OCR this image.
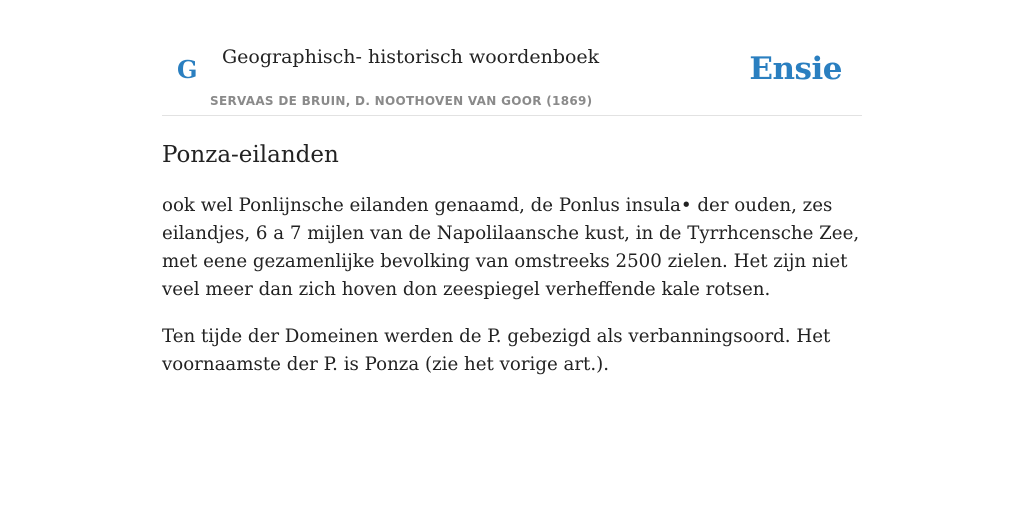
G Geographisch- historisch woordenboek
SERVAAS DE BRUIN, D. NOOTHOVEN VAN GOOR (1869)
Ensie
Ponza-eilanden

ook wel Ponlijnsche eilanden genaamd, de Ponlus insula• der ouden, zes eilandjes, 6 a 7 mijlen van de Napolilaansche kust, in de Tyrrhcensche Zee, met eene gezamenlijke bevolking van omstreeks 2500 zielen. Het zijn niet veel meer dan zich hoven don zeespiegel verheffende kale rotsen.

Ten tijde der Domeinen werden de P. gebezigd als verbanningsoord. Het voornaamste der P. is Ponza (zie het vorige art.).
